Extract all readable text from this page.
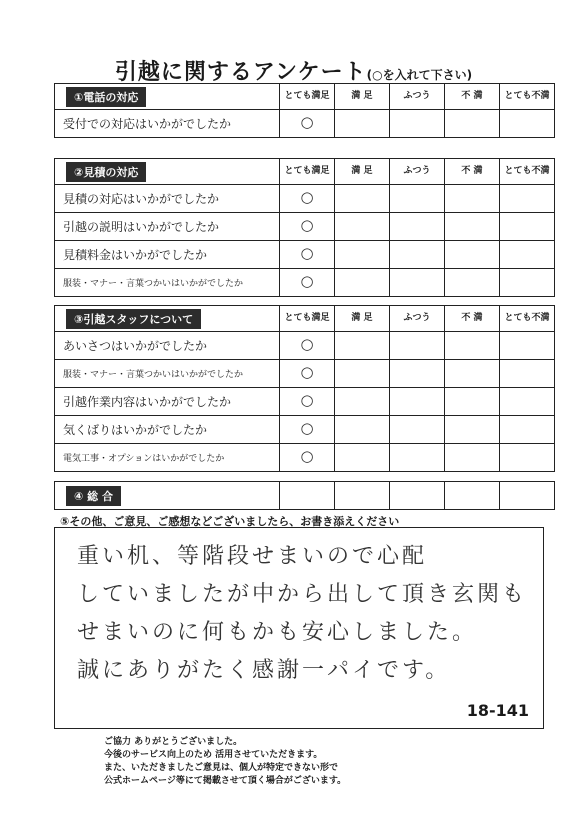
引越に関するアンケート(○を入れて下さい)
①電話の対応	とても満足	満 足	ふつう	不 満	とても不満
受付での対応はいかがでしたか	○				
②見積の対応	とても満足	満 足	ふつう	不 満	とても不満
見積の対応はいかがでしたか	○				
引越の説明はいかがでしたか	○				
見積料金はいかがでしたか	○				
服装・マナー・言葉つかいはいかがでしたか	○				
③引越スタッフについて	とても満足	満 足	ふつう	不 満	とても不満
あいさつはいかがでしたか	○				
服装・マナー・言葉つかいはいかがでしたか	○				
引越作業内容はいかがでしたか	○				
気くばりはいかがでしたか	○				
電気工事・オプションはいかがでしたか	○				
④ 総 合					
⑤その他、ご意見、ご感想などございましたら、お書き添えください
重い机、等階段せまいので心配
していましたが中から出して頂き玄関も
せまいのに何もかも安心しました。
誠にありがたく感謝一パイです。
18-141
ご協力 ありがとうございました。
今後のサービス向上のため 活用させていただきます。
また、いただきましたご意見は、個人が特定できない形で
公式ホームページ等にて掲載させて頂く場合がございます。
